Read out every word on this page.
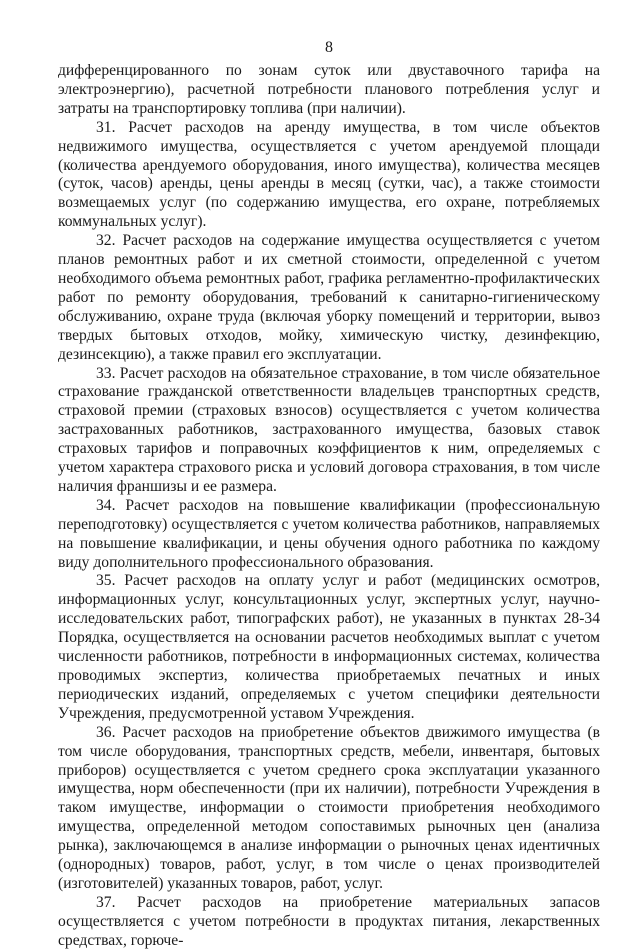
8

дифференцированного по зонам суток или двуставочного тарифа на электроэнергию), расчетной потребности планового потребления услуг и затраты на транспортировку топлива (при наличии).

31. Расчет расходов на аренду имущества, в том числе объектов недвижимого имущества, осуществляется с учетом арендуемой площади (количества арендуемого оборудования, иного имущества), количества месяцев (суток, часов) аренды, цены аренды в месяц (сутки, час), а также стоимости возмещаемых услуг (по содержанию имущества, его охране, потребляемых коммунальных услуг).

32. Расчет расходов на содержание имущества осуществляется с учетом планов ремонтных работ и их сметной стоимости, определенной с учетом необходимого объема ремонтных работ, графика регламентно-профилактических работ по ремонту оборудования, требований к санитарно-гигиеническому обслуживанию, охране труда (включая уборку помещений и территории, вывоз твердых бытовых отходов, мойку, химическую чистку, дезинфекцию, дезинсекцию), а также правил его эксплуатации.

33. Расчет расходов на обязательное страхование, в том числе обязательное страхование гражданской ответственности владельцев транспортных средств, страховой премии (страховых взносов) осуществляется с учетом количества застрахованных работников, застрахованного имущества, базовых ставок страховых тарифов и поправочных коэффициентов к ним, определяемых с учетом характера страхового риска и условий договора страхования, в том числе наличия франшизы и ее размера.

34. Расчет расходов на повышение квалификации (профессиональную переподготовку) осуществляется с учетом количества работников, направляемых на повышение квалификации, и цены обучения одного работника по каждому виду дополнительного профессионального образования.

35. Расчет расходов на оплату услуг и работ (медицинских осмотров, информационных услуг, консультационных услуг, экспертных услуг, научно-исследовательских работ, типографских работ), не указанных в пунктах 28-34 Порядка, осуществляется на основании расчетов необходимых выплат с учетом численности работников, потребности в информационных системах, количества проводимых экспертиз, количества приобретаемых печатных и иных периодических изданий, определяемых с учетом специфики деятельности Учреждения, предусмотренной уставом Учреждения.

36. Расчет расходов на приобретение объектов движимого имущества (в том числе оборудования, транспортных средств, мебели, инвентаря, бытовых приборов) осуществляется с учетом среднего срока эксплуатации указанного имущества, норм обеспеченности (при их наличии), потребности Учреждения в таком имуществе, информации о стоимости приобретения необходимого имущества, определенной методом сопоставимых рыночных цен (анализа рынка), заключающемся в анализе информации о рыночных ценах идентичных (однородных) товаров, работ, услуг, в том числе о ценах производителей (изготовителей) указанных товаров, работ, услуг.

37. Расчет расходов на приобретение материальных запасов осуществляется с учетом потребности в продуктах питания, лекарственных средствах, горюче-
